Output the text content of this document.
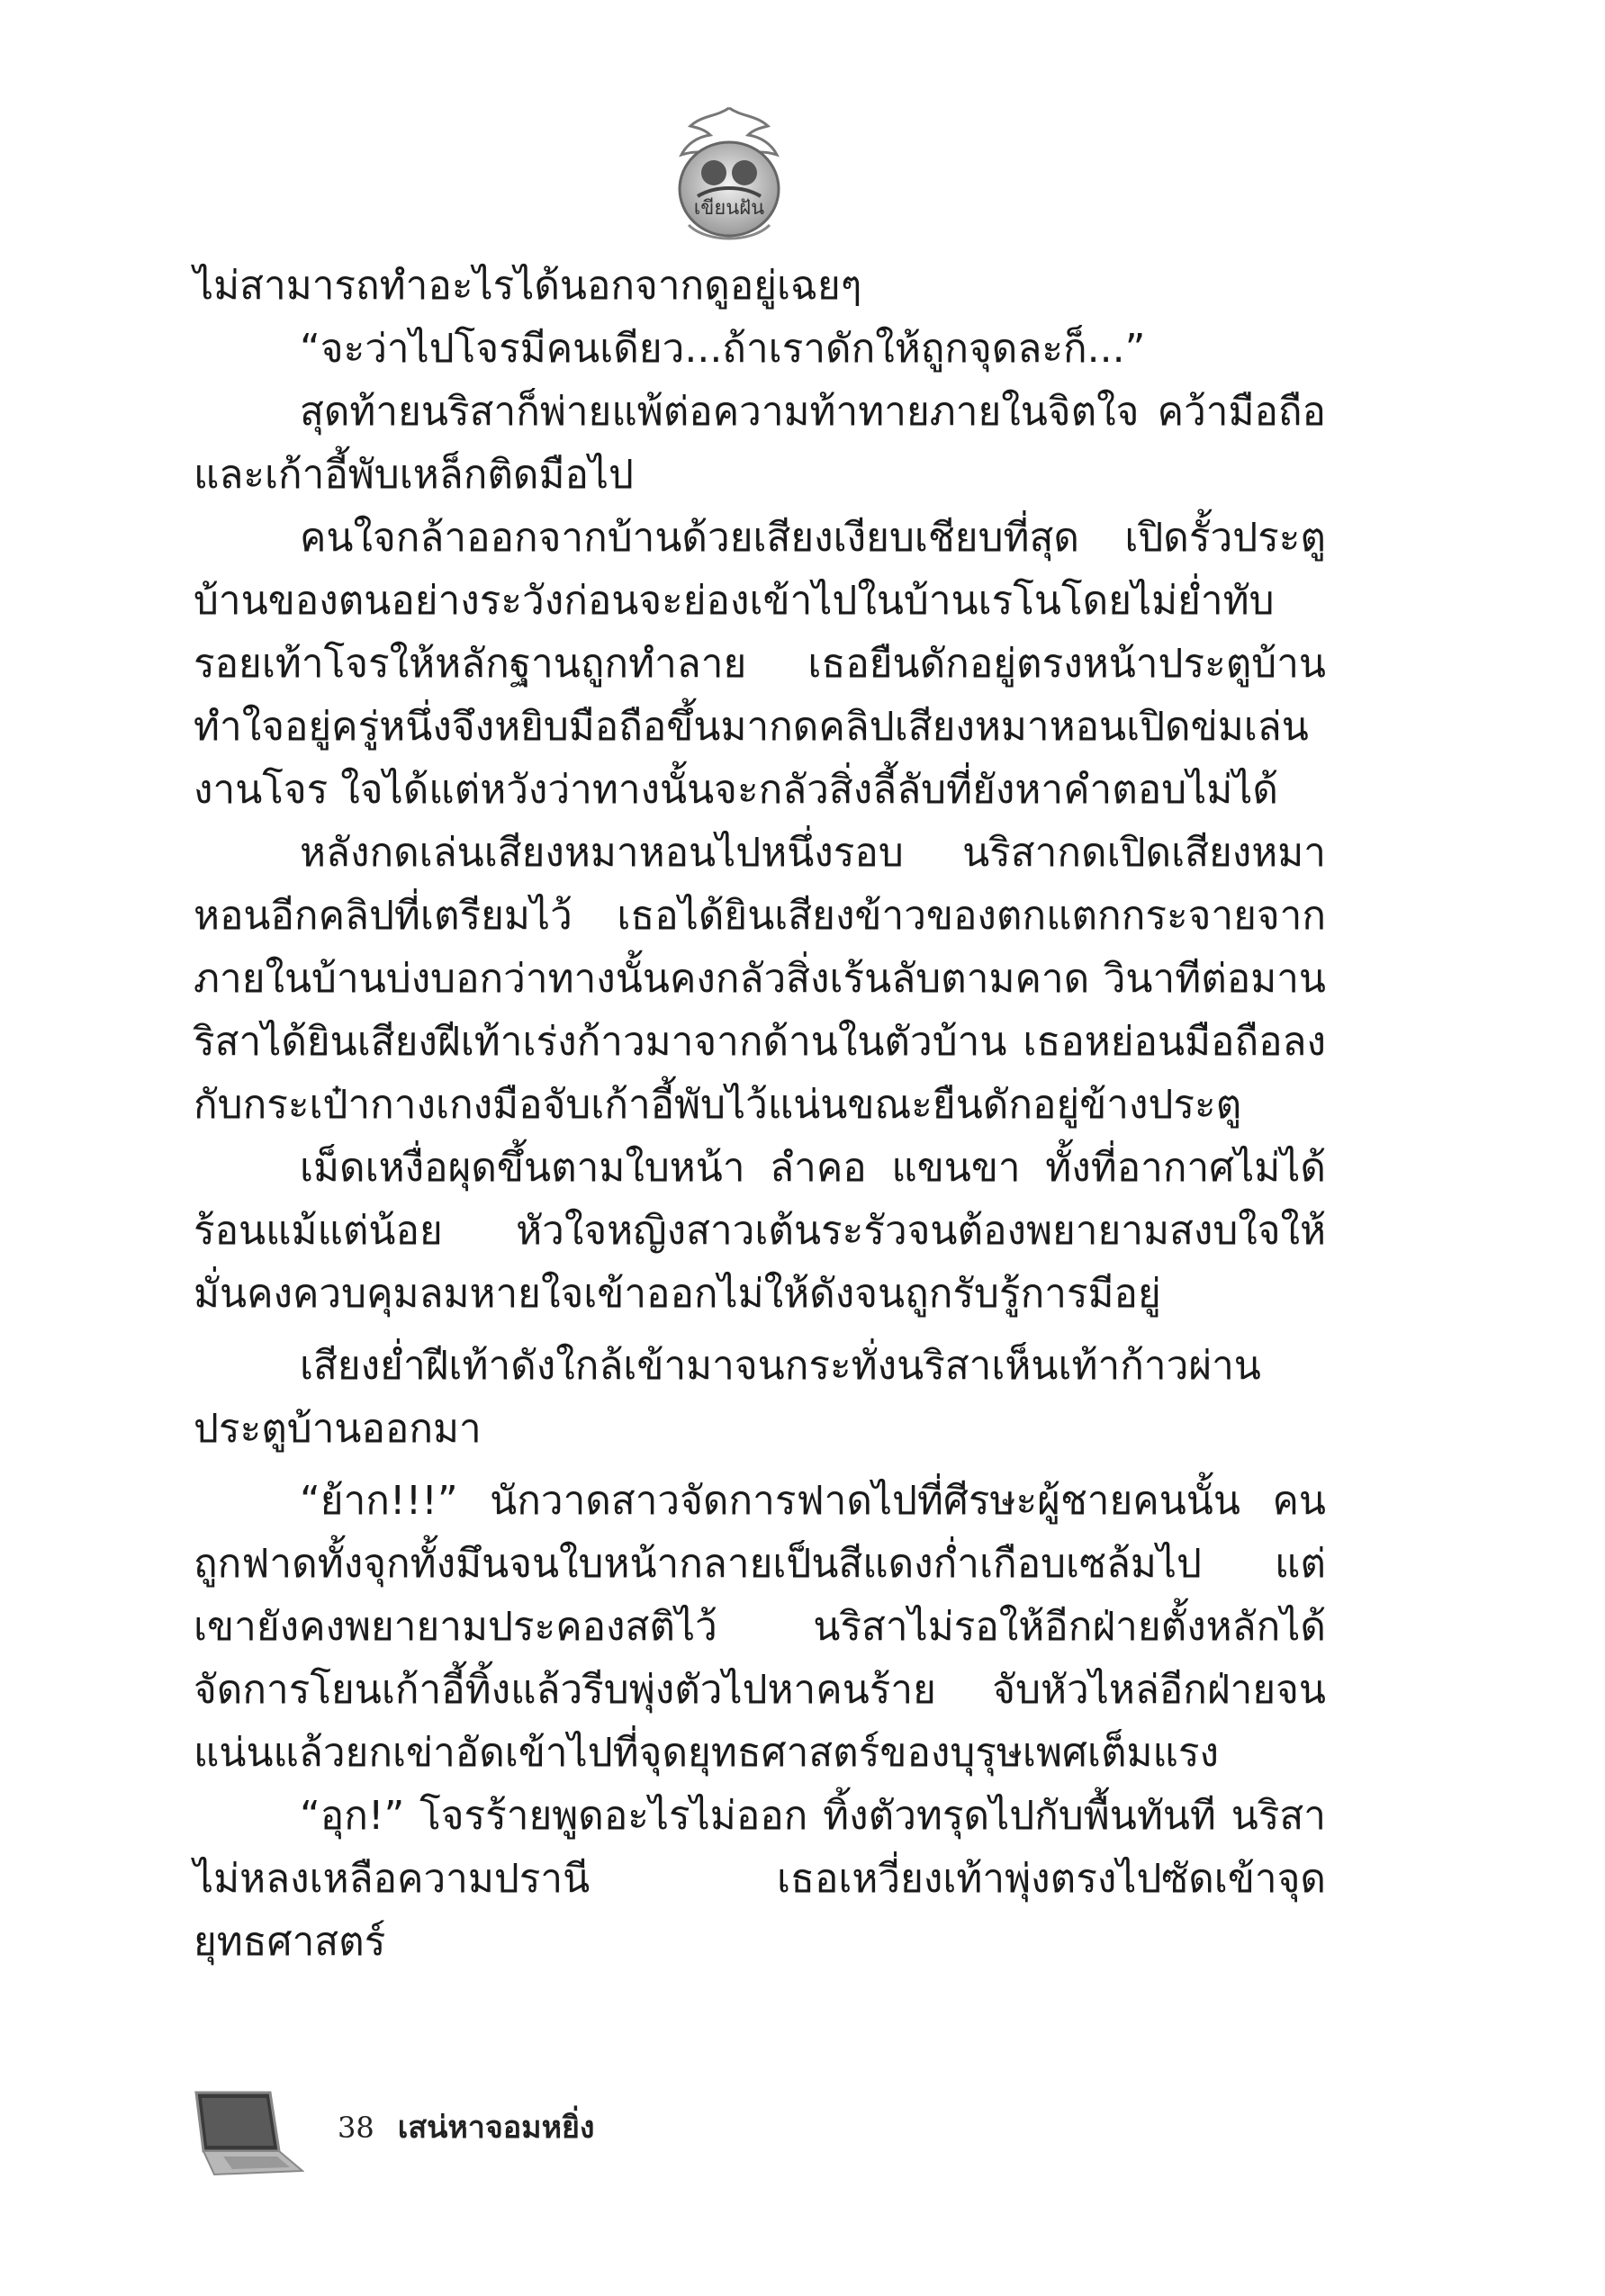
เขียนฝัน

ไม่สามารถทำอะไรได้นอกจากดูอยู่เฉยๆ

“จะว่าไปโจรมีคนเดียว...ถ้าเราดักให้ถูกจุดละก็...”

สุดท้ายนริสาก็พ่ายแพ้ต่อความท้าทายภายในจิตใจ คว้ามือถือและเก้าอี้พับเหล็กติดมือไป

คนใจกล้าออกจากบ้านด้วยเสียงเงียบเชียบที่สุด เปิดรั้วประตูบ้านของตนอย่างระวังก่อนจะย่องเข้าไปในบ้านเรโนโดยไม่ย่ำทับรอยเท้าโจรให้หลักฐานถูกทำลาย เธอยืนดักอยู่ตรงหน้าประตูบ้าน ทำใจอยู่ครู่หนึ่งจึงหยิบมือถือขึ้นมากดคลิปเสียงหมาหอนเปิดข่มเล่นงานโจร ใจได้แต่หวังว่าทางนั้นจะกลัวสิ่งลี้ลับที่ยังหาคำตอบไม่ได้

หลังกดเล่นเสียงหมาหอนไปหนึ่งรอบ นริสากดเปิดเสียงหมาหอนอีกคลิปที่เตรียมไว้ เธอได้ยินเสียงข้าวของตกแตกกระจายจากภายในบ้านบ่งบอกว่าทางนั้นคงกลัวสิ่งเร้นลับตามคาด วินาทีต่อมานริสาได้ยินเสียงฝีเท้าเร่งก้าวมาจากด้านในตัวบ้าน เธอหย่อนมือถือลงกับกระเป๋ากางเกงมือจับเก้าอี้พับไว้แน่นขณะยืนดักอยู่ข้างประตู

เม็ดเหงื่อผุดขึ้นตามใบหน้า ลำคอ แขนขา ทั้งที่อากาศไม่ได้ร้อนแม้แต่น้อย หัวใจหญิงสาวเต้นระรัวจนต้องพยายามสงบใจให้มั่นคงควบคุมลมหายใจเข้าออกไม่ให้ดังจนถูกรับรู้การมีอยู่

เสียงย่ำฝีเท้าดังใกล้เข้ามาจนกระทั่งนริสาเห็นเท้าก้าวผ่านประตูบ้านออกมา

“ย้าก!!!” นักวาดสาวจัดการฟาดไปที่ศีรษะผู้ชายคนนั้น คนถูกฟาดทั้งจุกทั้งมึนจนใบหน้ากลายเป็นสีแดงก่ำเกือบเซล้มไป แต่เขายังคงพยายามประคองสติไว้ นริสาไม่รอให้อีกฝ่ายตั้งหลักได้ จัดการโยนเก้าอี้ทิ้งแล้วรีบพุ่งตัวไปหาคนร้าย จับหัวไหล่อีกฝ่ายจนแน่นแล้วยกเข่าอัดเข้าไปที่จุดยุทธศาสตร์ของบุรุษเพศเต็มแรง

“อุก!” โจรร้ายพูดอะไรไม่ออก ทิ้งตัวทรุดไปกับพื้นทันที นริสาไม่หลงเหลือความปรานี เธอเหวี่ยงเท้าพุ่งตรงไปซัดเข้าจุดยุทธศาสตร์

38 เสน่หาจอมหยิ่ง
